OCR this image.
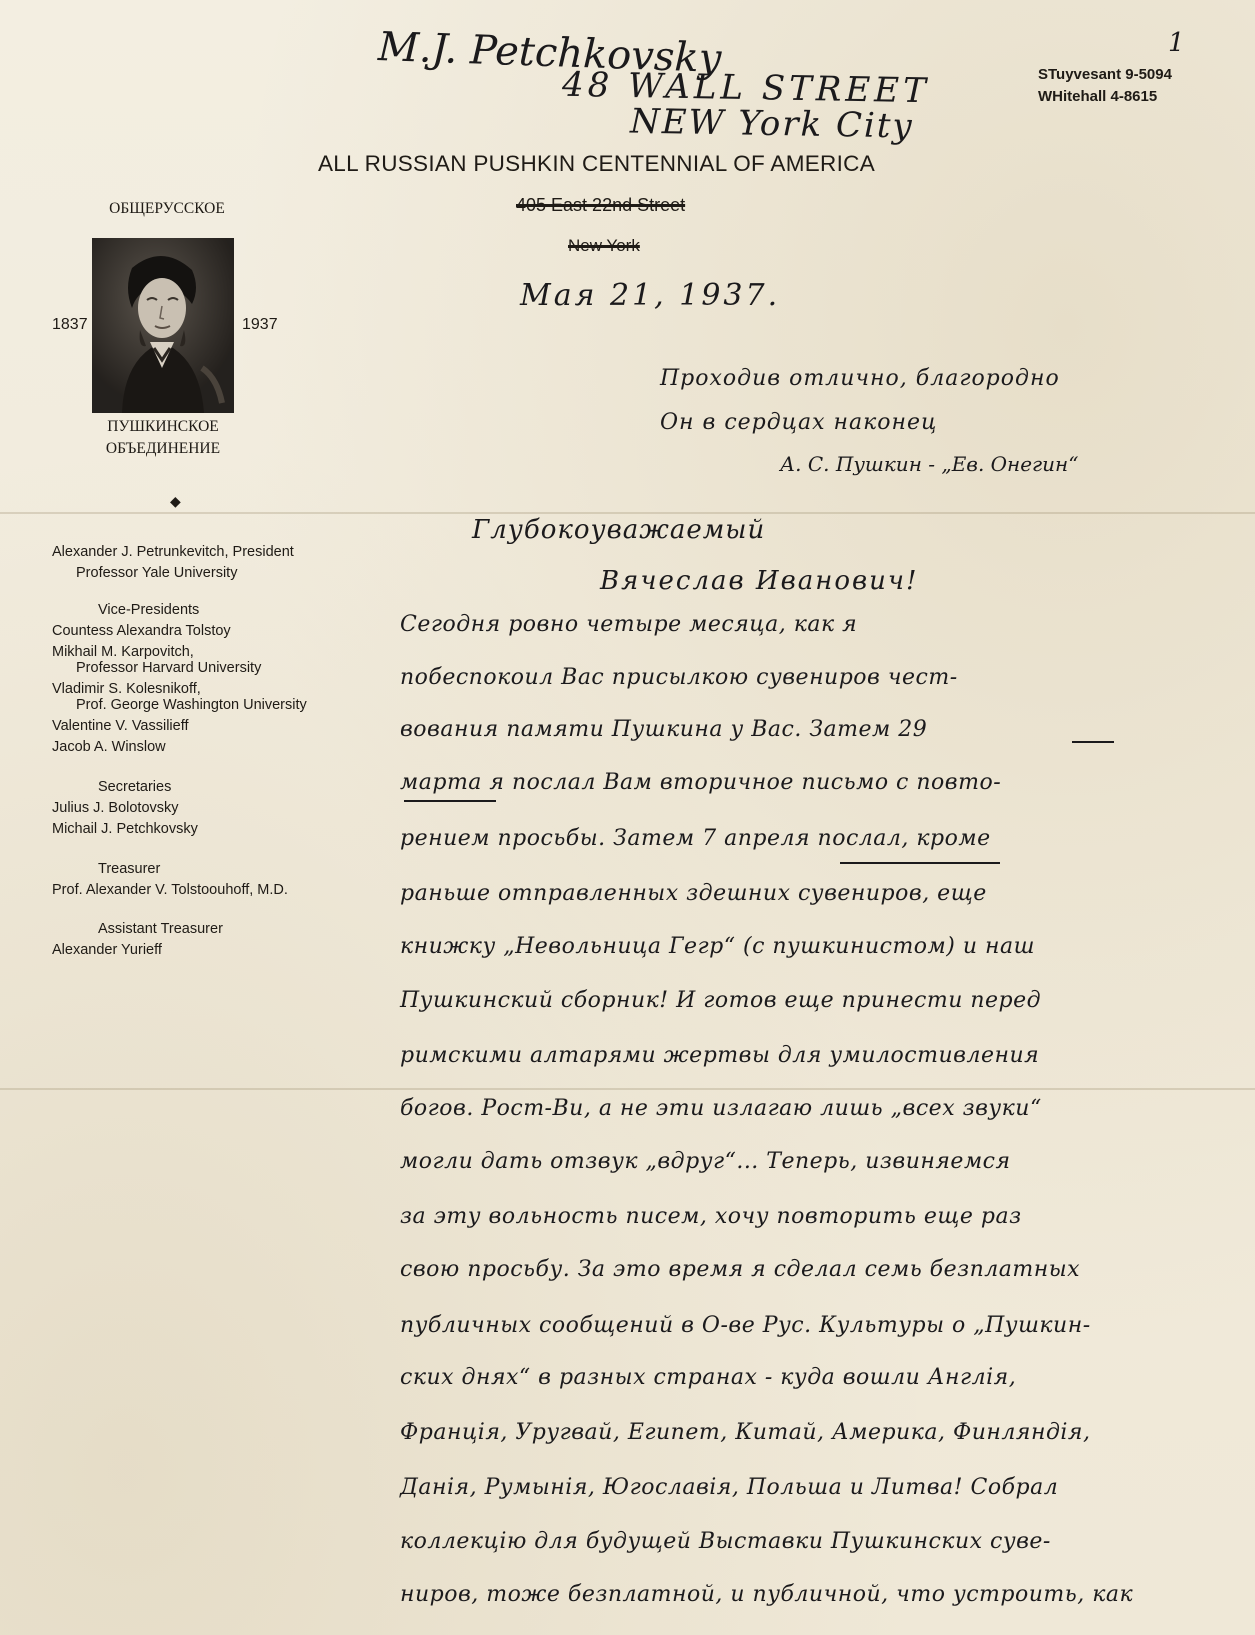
M.J. Petchkovsky
48 WALL STREET
NEW York City
1
STuyvesant 9-5094
WHitehall 4-8615
ALL RUSSIAN PUSHKIN CENTENNIAL OF AMERICA
405 East 22nd Street
New York
ОБЩЕРУССКОЕ
1837	1937
ПУШКИНСКОЕ
ОБЪЕДИНЕНИЕ
◆
Alexander J. Petrunkevitch, President
Professor Yale University
Vice-Presidents
Countess Alexandra Tolstoy
Mikhail M. Karpovitch,
Professor Harvard University
Vladimir S. Kolesnikoff,
Prof. George Washington University
Valentine V. Vassilieff
Jacob A. Winslow
Secretaries
Julius J. Bolotovsky
Michail J. Petchkovsky
Treasurer
Prof. Alexander V. Tolstoouhoff, M.D.
Assistant Treasurer
Alexander Yurieff
Мая 21, 1937.
Проходив отлично, благородно
Он в сердцах наконец
А. С. Пушкин - „Ев. Онегин“
Глубокоуважаемый
Вячеслав Иванович!
Сегодня ровно четыре месяца, как я
побеспокоил Вас присылкою сувениров чест-
вования памяти Пушкина у Вас. Затем 29
марта я послал Вам вторичное письмо с повто-
рением просьбы. Затем 7 апреля послал, кроме
раньше отправленных здешних сувениров, еще
книжку „Невольница Гегр“ (с пушкинистом) и наш
Пушкинский сборник! И готов еще принести перед
римскими алтарями жертвы для умилостивления
богов. Рост-Ви, а не эти излагаю лишь „всех звуки“
могли дать отзвук „вдруг“... Теперь, извиняемся
за эту вольность писем, хочу повторить еще раз
свою просьбу. За это время я сделал семь безплатных
публичных сообщений в О-ве Рус. Культуры о „Пушкин-
ских днях“ в разных странах - куда вошли Англія,
Франція, Уругвай, Египет, Китай, Америка, Финляндія,
Данія, Румынія, Югославія, Польша и Литва! Собрал
коллекцію для будущей Выставки Пушкинских суве-
ниров, тоже безплатной, и публичной, что устроить, как
